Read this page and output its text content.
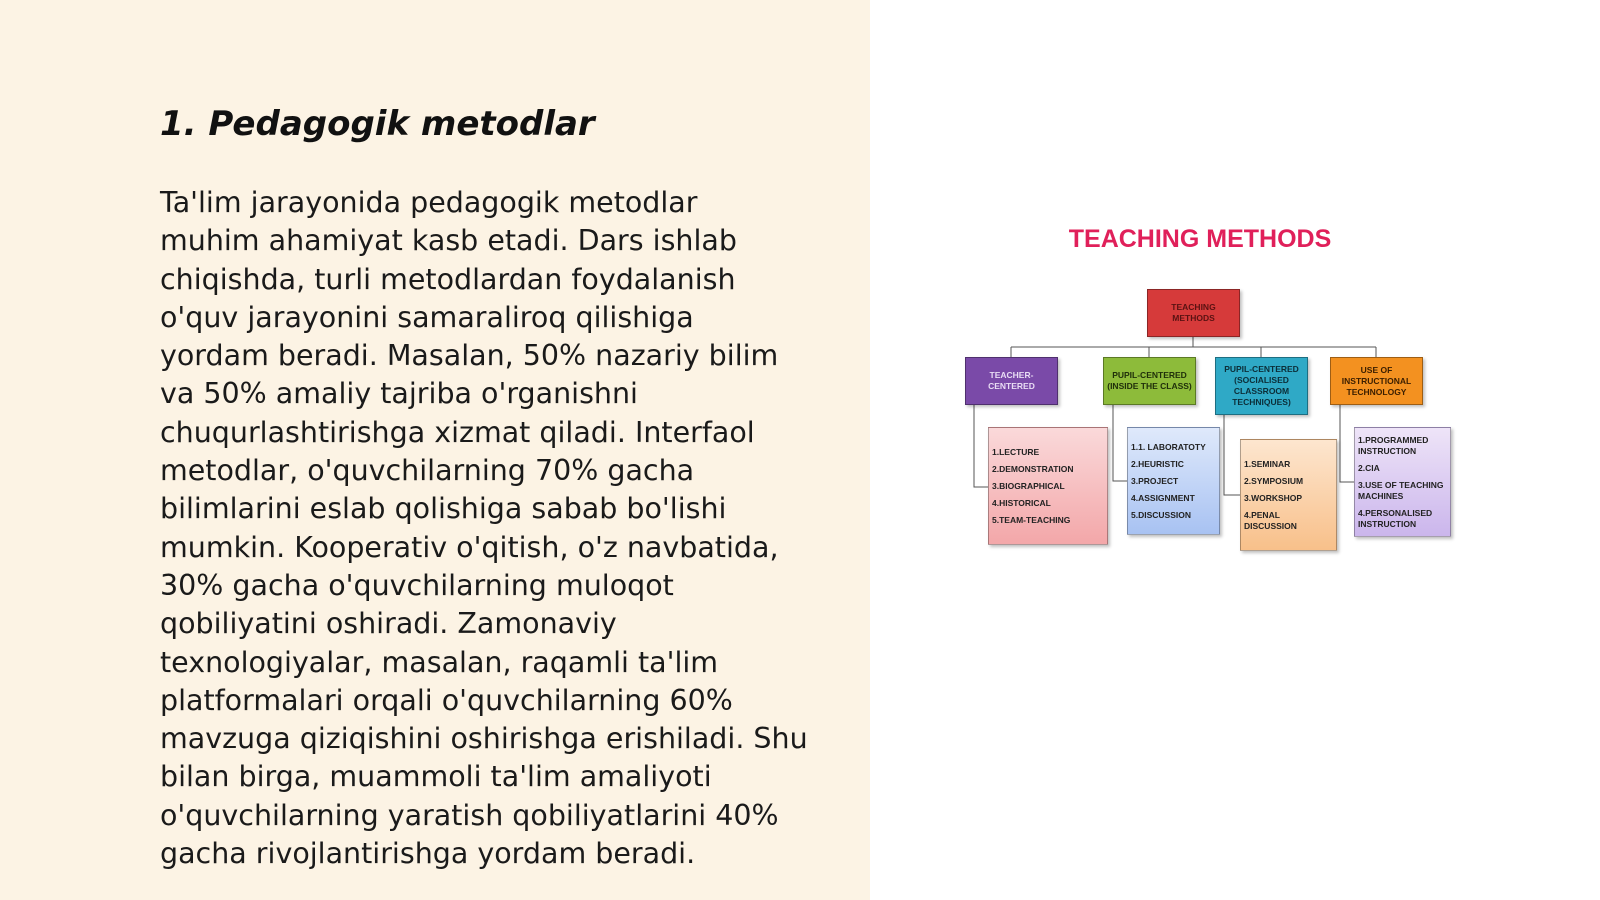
1. Pedagogik metodlar

Ta'lim jarayonida pedagogik metodlar
muhim ahamiyat kasb etadi. Dars ishlab
chiqishda, turli metodlardan foydalanish
o'quv jarayonini samaraliroq qilishiga
yordam beradi. Masalan, 50% nazariy bilim
va 50% amaliy tajriba o'rganishni
chuqurlashtirishga xizmat qiladi. Interfaol
metodlar, o'quvchilarning 70% gacha
bilimlarini eslab qolishiga sabab bo'lishi
mumkin. Kooperativ o'qitish, o'z navbatida,
30% gacha o'quvchilarning muloqot
qobiliyatini oshiradi. Zamonaviy
texnologiyalar, masalan, raqamli ta'lim
platformalari orqali o'quvchilarning 60%
mavzuga qiziqishini oshirishga erishiladi. Shu
bilan birga, muammoli ta'lim amaliyoti
o'quvchilarning yaratish qobiliyatlarini 40%
gacha rivojlantirishga yordam beradi.

TEACHING METHODS
TEACHING METHODS
TEACHER-CENTERED
PUPIL-CENTERED (INSIDE THE CLASS)
PUPIL-CENTERED (SOCIALISED CLASSROOM TECHNIQUES)
USE OF INSTRUCTIONAL TECHNOLOGY
1.LECTURE
2.DEMONSTRATION
3.BIOGRAPHICAL
4.HISTORICAL
5.TEAM-TEACHING
1.1. LABORATOTY
2.HEURISTIC
3.PROJECT
4.ASSIGNMENT
5.DISCUSSION
1.SEMINAR
2.SYMPOSIUM
3.WORKSHOP
4.PENAL DISCUSSION
1.PROGRAMMED INSTRUCTION
2.CIA
3.USE OF TEACHING MACHINES
4.PERSONALISED INSTRUCTION
